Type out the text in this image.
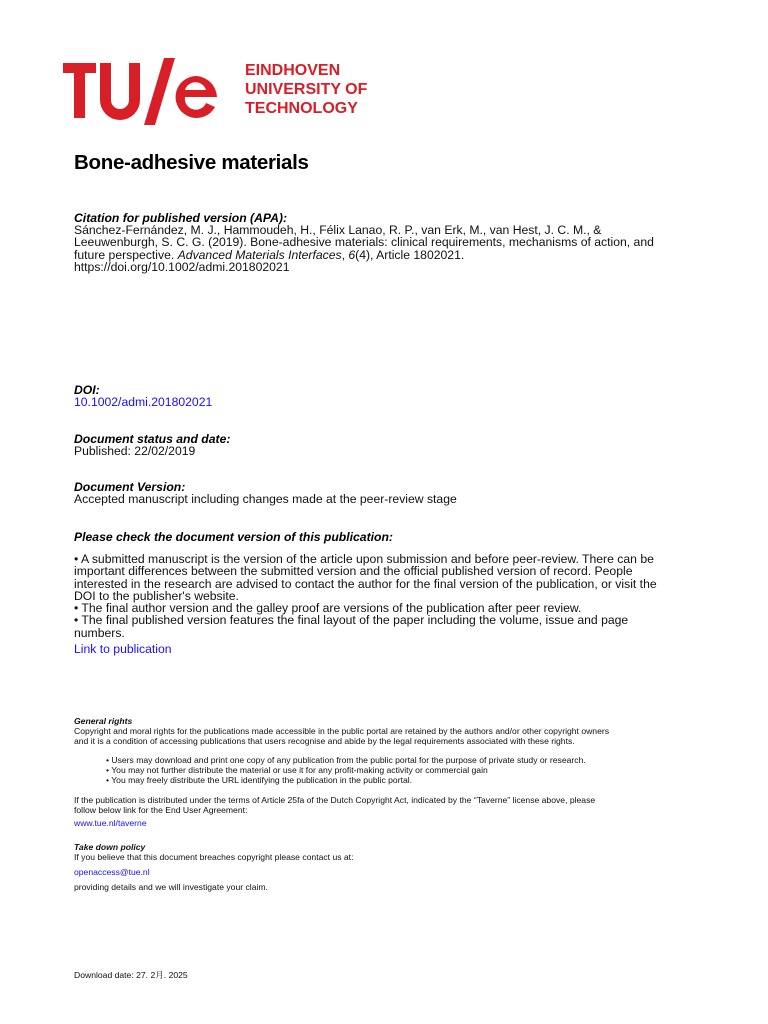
EINDHOVEN
UNIVERSITY OF
TECHNOLOGY
Bone-adhesive materials
Citation for published version (APA):
Sánchez-Fernández, M. J., Hammoudeh, H., Félix Lanao, R. P., van Erk, M., van Hest, J. C. M., &
Leeuwenburgh, S. C. G. (2019). Bone-adhesive materials: clinical requirements, mechanisms of action, and
future perspective. Advanced Materials Interfaces, 6(4), Article 1802021.
https://doi.org/10.1002/admi.201802021
DOI:
10.1002/admi.201802021
Document status and date:
Published: 22/02/2019
Document Version:
Accepted manuscript including changes made at the peer-review stage
Please check the document version of this publication:
• A submitted manuscript is the version of the article upon submission and before peer-review. There can be
important differences between the submitted version and the official published version of record. People
interested in the research are advised to contact the author for the final version of the publication, or visit the
DOI to the publisher's website.
• The final author version and the galley proof are versions of the publication after peer review.
• The final published version features the final layout of the paper including the volume, issue and page
numbers.
Link to publication
General rights
Copyright and moral rights for the publications made accessible in the public portal are retained by the authors and/or other copyright owners
and it is a condition of accessing publications that users recognise and abide by the legal requirements associated with these rights.
• Users may download and print one copy of any publication from the public portal for the purpose of private study or research.
• You may not further distribute the material or use it for any profit-making activity or commercial gain
• You may freely distribute the URL identifying the publication in the public portal.
If the publication is distributed under the terms of Article 25fa of the Dutch Copyright Act, indicated by the “Taverne” license above, please
follow below link for the End User Agreement:
www.tue.nl/taverne
Take down policy
If you believe that this document breaches copyright please contact us at:
openaccess@tue.nl
providing details and we will investigate your claim.
Download date: 27. 2月. 2025
